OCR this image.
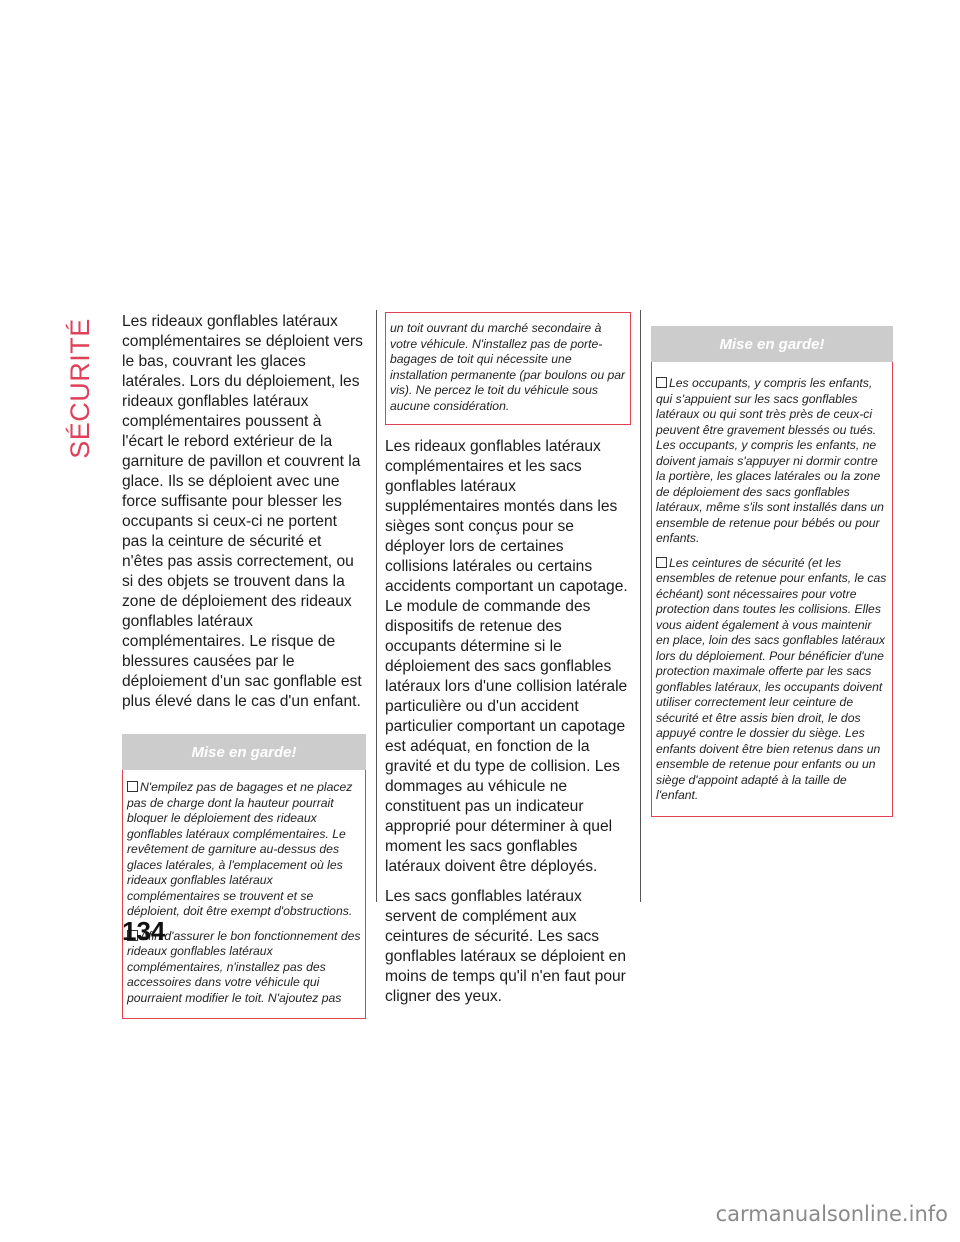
SÉCURITÉ Les rideaux gonflables latéraux complémentaires se déploient vers le bas, couvrant les glaces latérales. Lors du déploiement, les rideaux gonflables latéraux complémentaires poussent à l'écart le rebord extérieur de la garniture de pavillon et couvrent la glace. Ils se déploient avec une force suffisante pour blesser les occupants si ceux-ci ne portent pas la ceinture de sécurité et n'êtes pas assis correctement, ou si des objets se trouvent dans la zone de déploiement des rideaux gonflables latéraux complémentaires. Le risque de blessures causées par le déploiement d'un sac gonflable est plus élevé dans le cas d'un enfant.

Mise en garde!

N'empilez pas de bagages et ne placez pas de charge dont la hauteur pourrait bloquer le déploiement des rideaux gonflables latéraux complémentaires. Le revêtement de garniture au-dessus des glaces latérales, à l'emplacement où les rideaux gonflables latéraux complémentaires se trouvent et se déploient, doit être exempt d'obstructions.

Afin d'assurer le bon fonctionnement des rideaux gonflables latéraux complémentaires, n'installez pas des accessoires dans votre véhicule qui pourraient modifier le toit. N'ajoutez pas

un toit ouvrant du marché secondaire à votre véhicule. N'installez pas de porte-bagages de toit qui nécessite une installation permanente (par boulons ou par vis). Ne percez le toit du véhicule sous aucune considération.

Les rideaux gonflables latéraux complémentaires et les sacs gonflables latéraux supplémentaires montés dans les sièges sont conçus pour se déployer lors de certaines collisions latérales ou certains accidents comportant un capotage. Le module de commande des dispositifs de retenue des occupants détermine si le déploiement des sacs gonflables latéraux lors d'une collision latérale particulière ou d'un accident particulier comportant un capotage est adéquat, en fonction de la gravité et du type de collision. Les dommages au véhicule ne constituent pas un indicateur approprié pour déterminer à quel moment les sacs gonflables latéraux doivent être déployés.

Les sacs gonflables latéraux servent de complément aux ceintures de sécurité. Les sacs gonflables latéraux se déploient en moins de temps qu'il n'en faut pour cligner des yeux.

Mise en garde!

Les occupants, y compris les enfants, qui s'appuient sur les sacs gonflables latéraux ou qui sont très près de ceux-ci peuvent être gravement blessés ou tués. Les occupants, y compris les enfants, ne doivent jamais s'appuyer ni dormir contre la portière, les glaces latérales ou la zone de déploiement des sacs gonflables latéraux, même s'ils sont installés dans un ensemble de retenue pour bébés ou pour enfants.

Les ceintures de sécurité (et les ensembles de retenue pour enfants, le cas échéant) sont nécessaires pour votre protection dans toutes les collisions. Elles vous aident également à vous maintenir en place, loin des sacs gonflables latéraux lors du déploiement. Pour bénéficier d'une protection maximale offerte par les sacs gonflables latéraux, les occupants doivent utiliser correctement leur ceinture de sécurité et être assis bien droit, le dos appuyé contre le dossier du siège. Les enfants doivent être bien retenus dans un ensemble de retenue pour enfants ou un siège d'appoint adapté à la taille de l'enfant.

134
carmanualsonline.info
